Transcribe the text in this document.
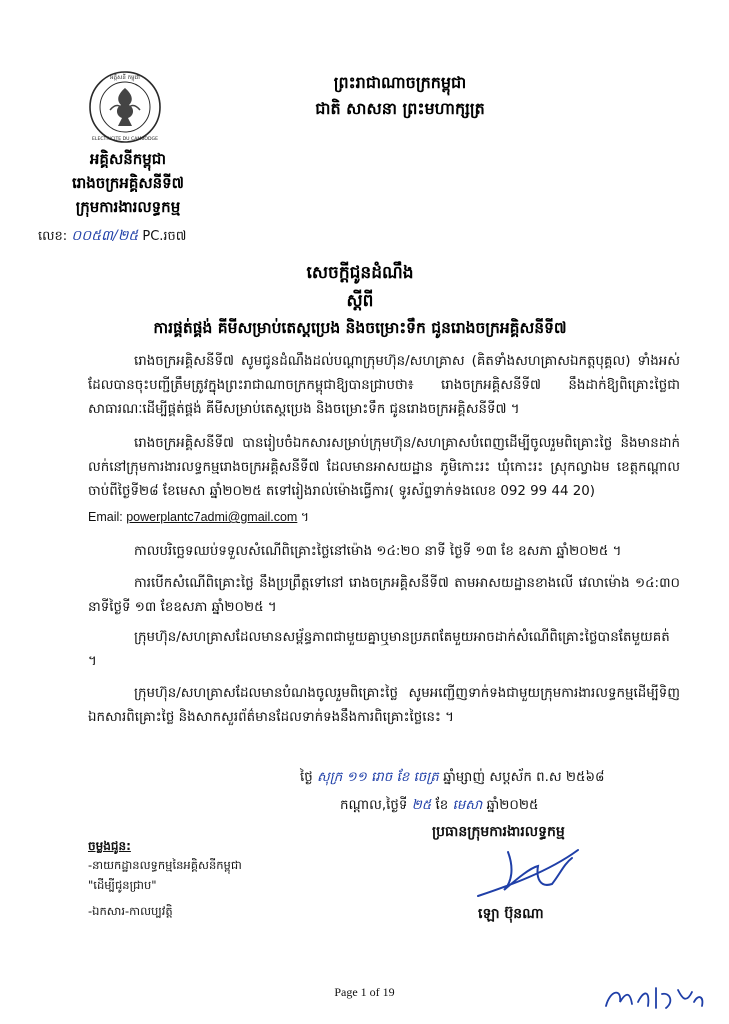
អគ្គិសនី កម្ពុជា
ELECTRICITE DU CAMBODGE
ព្រះរាជាណាចក្រកម្ពុជា
ជាតិ សាសនា ព្រះមហាក្សត្រ
អគ្គិសនីកម្ពុជា
រោងចក្រអគ្គិសនីទី៧
ក្រុមការងារលទ្ធកម្ម
លេខ: ០០៥៣/២៥ PC.រច៧
សេចក្ដីជូនដំណឹង
ស្ដីពី
ការផ្គត់ផ្គង់ គីមីសម្រាប់តេស្តប្រេង និងចម្រោះទឹក ជូនរោងចក្រអគ្គិសនីទី៧
រោងចក្រអគ្គិសនីទី៧ សូមជូនដំណឹងដល់បណ្តាក្រុមហ៊ុន/សហគ្រាស (គិតទាំងសហគ្រាសឯកត្តបុគ្គល) ទាំងអស់ដែលបានចុះបញ្ជីត្រឹមត្រូវក្នុងព្រះរាជាណាចក្រកម្ពុជាឱ្យបានជ្រាបថា៖ រោងចក្រអគ្គិសនីទី៧ នឹងដាក់ឱ្យពិគ្រោះថ្លៃជាសាធារណៈដើម្បីផ្គត់ផ្គង់ គីមីសម្រាប់តេស្តប្រេង និងចម្រោះទឹក ជូនរោងចក្រអគ្គិសនីទី៧ ។
រោងចក្រអគ្គិសនីទី៧ បានរៀបចំឯកសារសម្រាប់ក្រុមហ៊ុន/សហគ្រាសបំពេញដើម្បីចូលរួមពិគ្រោះថ្លៃ និងមានដាក់លក់នៅក្រុមការងារលទ្ធកម្មរោងចក្រអគ្គិសនីទី៧ ដែលមានអាសយដ្ឋាន ភូមិកោះរះ ឃុំកោះរះ ស្រុកល្វាឯម ខេត្តកណ្តាល ចាប់ពីថ្ងៃទី២៨ ខែមេសា ឆ្នាំ២០២៥ តទៅរៀងរាល់ម៉ោងធ្វើការ( ទូរស័ព្ទទាក់ទងលេខ 092 99 44 20)
Email: powerplantc7admi@gmail.com ។
កាលបរិច្ឆេទឈប់ទទួលសំណើពិគ្រោះថ្លៃនៅម៉ោង ១៤:២០ នាទី ថ្ងៃទី ១៣ ខែ ឧសភា ឆ្នាំ២០២៥ ។
ការបើកសំណើពិគ្រោះថ្លៃ នឹងប្រព្រឹត្តទៅនៅ រោងចក្រអគ្គិសនីទី៧ តាមអាសយដ្ឋានខាងលើ វេលាម៉ោង ១៤:៣០ នាទីថ្ងៃទី ១៣ ខែឧសភា ឆ្នាំ២០២៥ ។
ក្រុមហ៊ុន/សហគ្រាសដែលមានសម្ព័ន្ធភាពជាមួយគ្នាឬមានប្រភពតែមួយអាចដាក់សំណើពិគ្រោះថ្លៃបានតែមួយគត់ ។
ក្រុមហ៊ុន/សហគ្រាសដែលមានបំណងចូលរួមពិគ្រោះថ្លៃ សូមអញ្ជើញទាក់ទងជាមួយក្រុមការងារលទ្ធកម្មដើម្បីទិញឯកសារពិគ្រោះថ្លៃ និងសាកសួរព័ត៌មានដែលទាក់ទងនឹងការពិគ្រោះថ្លៃនេះ ។
ថ្ងៃ សុក្រ ១១ រោច ខែ ចេត្រ ឆ្នាំម្សាញ់ សប្តស័ក ព.ស ២៥៦៨
កណ្តាល,ថ្ងៃទី ២៥ ខែ មេសា ឆ្នាំ២០២៥
ប្រធានក្រុមការងារលទ្ធកម្ម
ឡោ ប៊ុនណា
ចម្លងជូន:
-នាយកដ្ឋានលទ្ធកម្មនៃអគ្គិសនីកម្ពុជា
"ដើម្បីជូនជ្រាប"
-ឯកសារ-កាលប្បវត្តិ
Page 1 of 19
